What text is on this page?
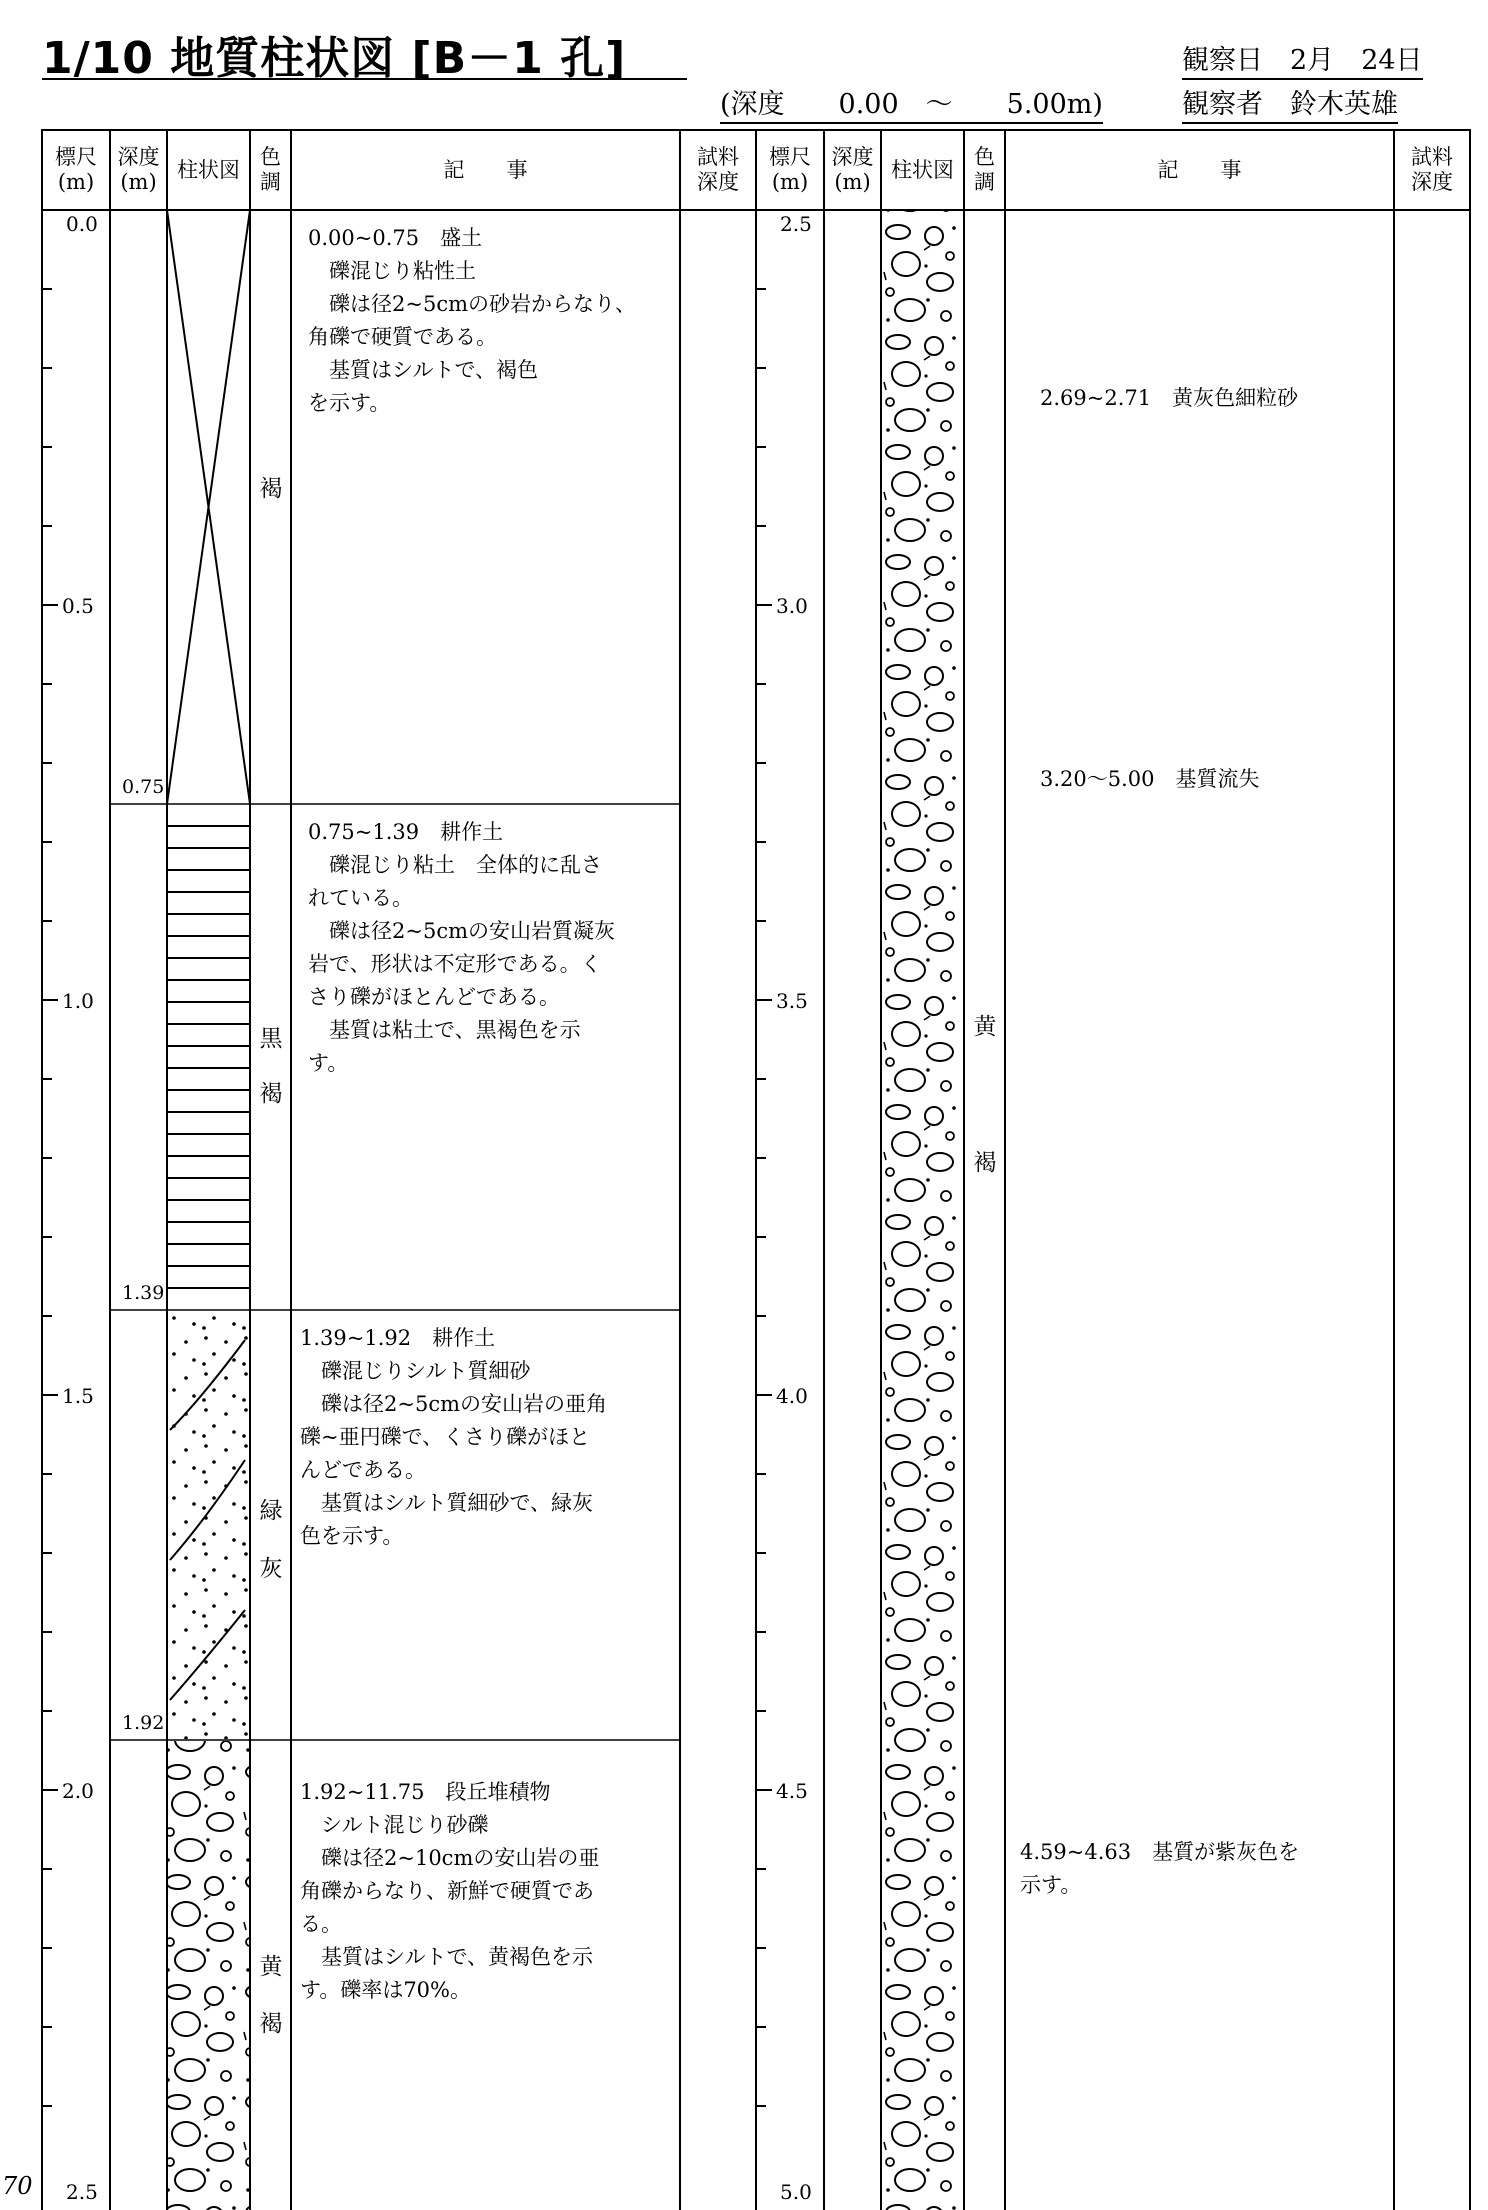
1/10 地質柱状図 [B－1 孔]	観察日　 2月　 24日
(深度　　 0.00　 ～　　 5.00m)	観察者　 鈴木英雄
標尺
(m)
深度
(m)
柱状図
色
調
記　　事
試料
深度
標尺
(m)
深度
(m)
柱状図
色
調
記　　事
試料
深度
0.0
0.5
1.0
1.5
2.0
2.5
0.75
1.39
1.92
褐
黒
褐
緑
灰
黄
褐
0.00~0.75　盛土
　礫混じり粘性土
　礫は径2~5cmの砂岩からなり、
角礫で硬質である。
　基質はシルトで、褐色
を示す。
0.75~1.39　耕作土
　礫混じり粘土　全体的に乱さ
れている。
　礫は径2~5cmの安山岩質凝灰
岩で、形状は不定形である。く
さり礫がほとんどである。
　基質は粘土で、黒褐色を示
す。
1.39~1.92　耕作土
　礫混じりシルト質細砂
　礫は径2~5cmの安山岩の亜角
礫~亜円礫で、くさり礫がほと
んどである。
　基質はシルト質細砂で、緑灰
色を示す。
1.92~11.75　段丘堆積物
　シルト混じり砂礫
　礫は径2~10cmの安山岩の亜
角礫からなり、新鮮で硬質であ
る。
　基質はシルトで、黄褐色を示
す。礫率は70%。
2.5
3.0
3.5
4.0
4.5
5.0
黄
褐
2.69~2.71　黄灰色細粒砂
3.20～5.00　基質流失
4.59~4.63　基質が紫灰色を
示す。
70
